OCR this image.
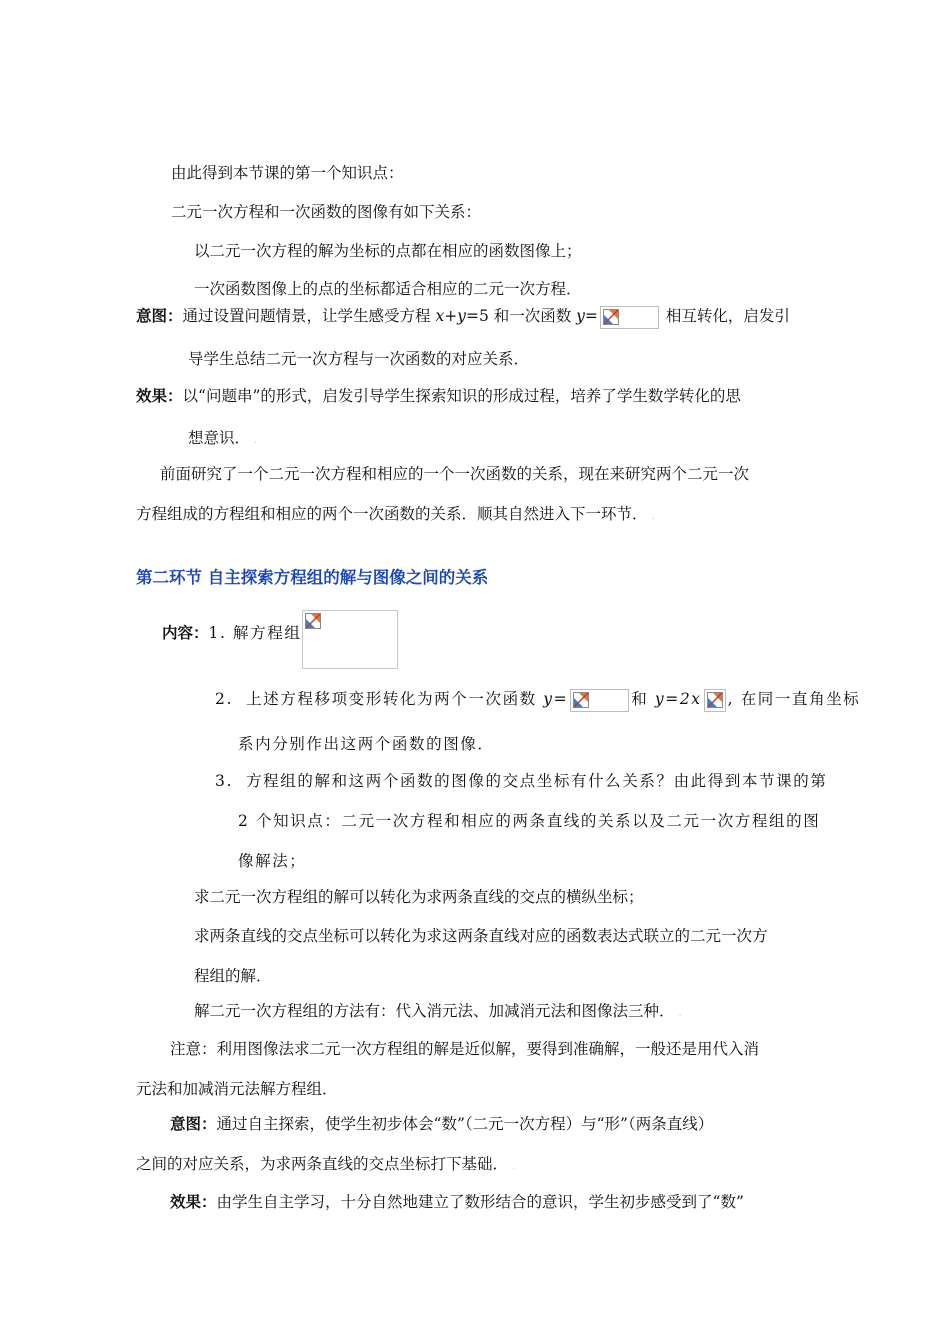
由此得到本节课的第一个知识点：
二元一次方程和一次函数的图像有如下关系：
以二元一次方程的解为坐标的点都在相应的函数图像上；
一次函数图像上的点的坐标都适合相应的二元一次方程．
意图：通过设置问题情景，让学生感受方程 x+y=5 和一次函数 y=	相互转化，启发引
导学生总结二元一次方程与一次函数的对应关系．
效果：以“问题串”的形式，启发引导学生探索知识的形成过程，培养了学生数学转化的思
想意识． .
前面研究了一个二元一次方程和相应的一个一次函数的关系，现在来研究两个二元一次
方程组成的方程组和相应的两个一次函数的关系．顺其自然进入下一环节． .
第二环节 自主探索方程组的解与图像之间的关系
内容：1. 解方程组
2. 上述方程移项变形转化为两个一次函数 y=	和 y=2x , 在同一直角坐标
系内分别作出这两个函数的图像．
3. 方程组的解和这两个函数的图像的交点坐标有什么关系？由此得到本节课的第
2 个知识点：二元一次方程和相应的两条直线的关系以及二元一次方程组的图
像解法；
求二元一次方程组的解可以转化为求两条直线的交点的横纵坐标；
求两条直线的交点坐标可以转化为求这两条直线对应的函数表达式联立的二元一次方
程组的解．
解二元一次方程组的方法有：代入消元法、加减消元法和图像法三种． .
注意：利用图像法求二元一次方程组的解是近似解，要得到准确解，一般还是用代入消
元法和加减消元法解方程组．
意图：通过自主探索，使学生初步体会“数”（二元一次方程）与“形”（两条直线）
之间的对应关系，为求两条直线的交点坐标打下基础． .
效果：由学生自主学习，十分自然地建立了数形结合的意识，学生初步感受到了“数”
